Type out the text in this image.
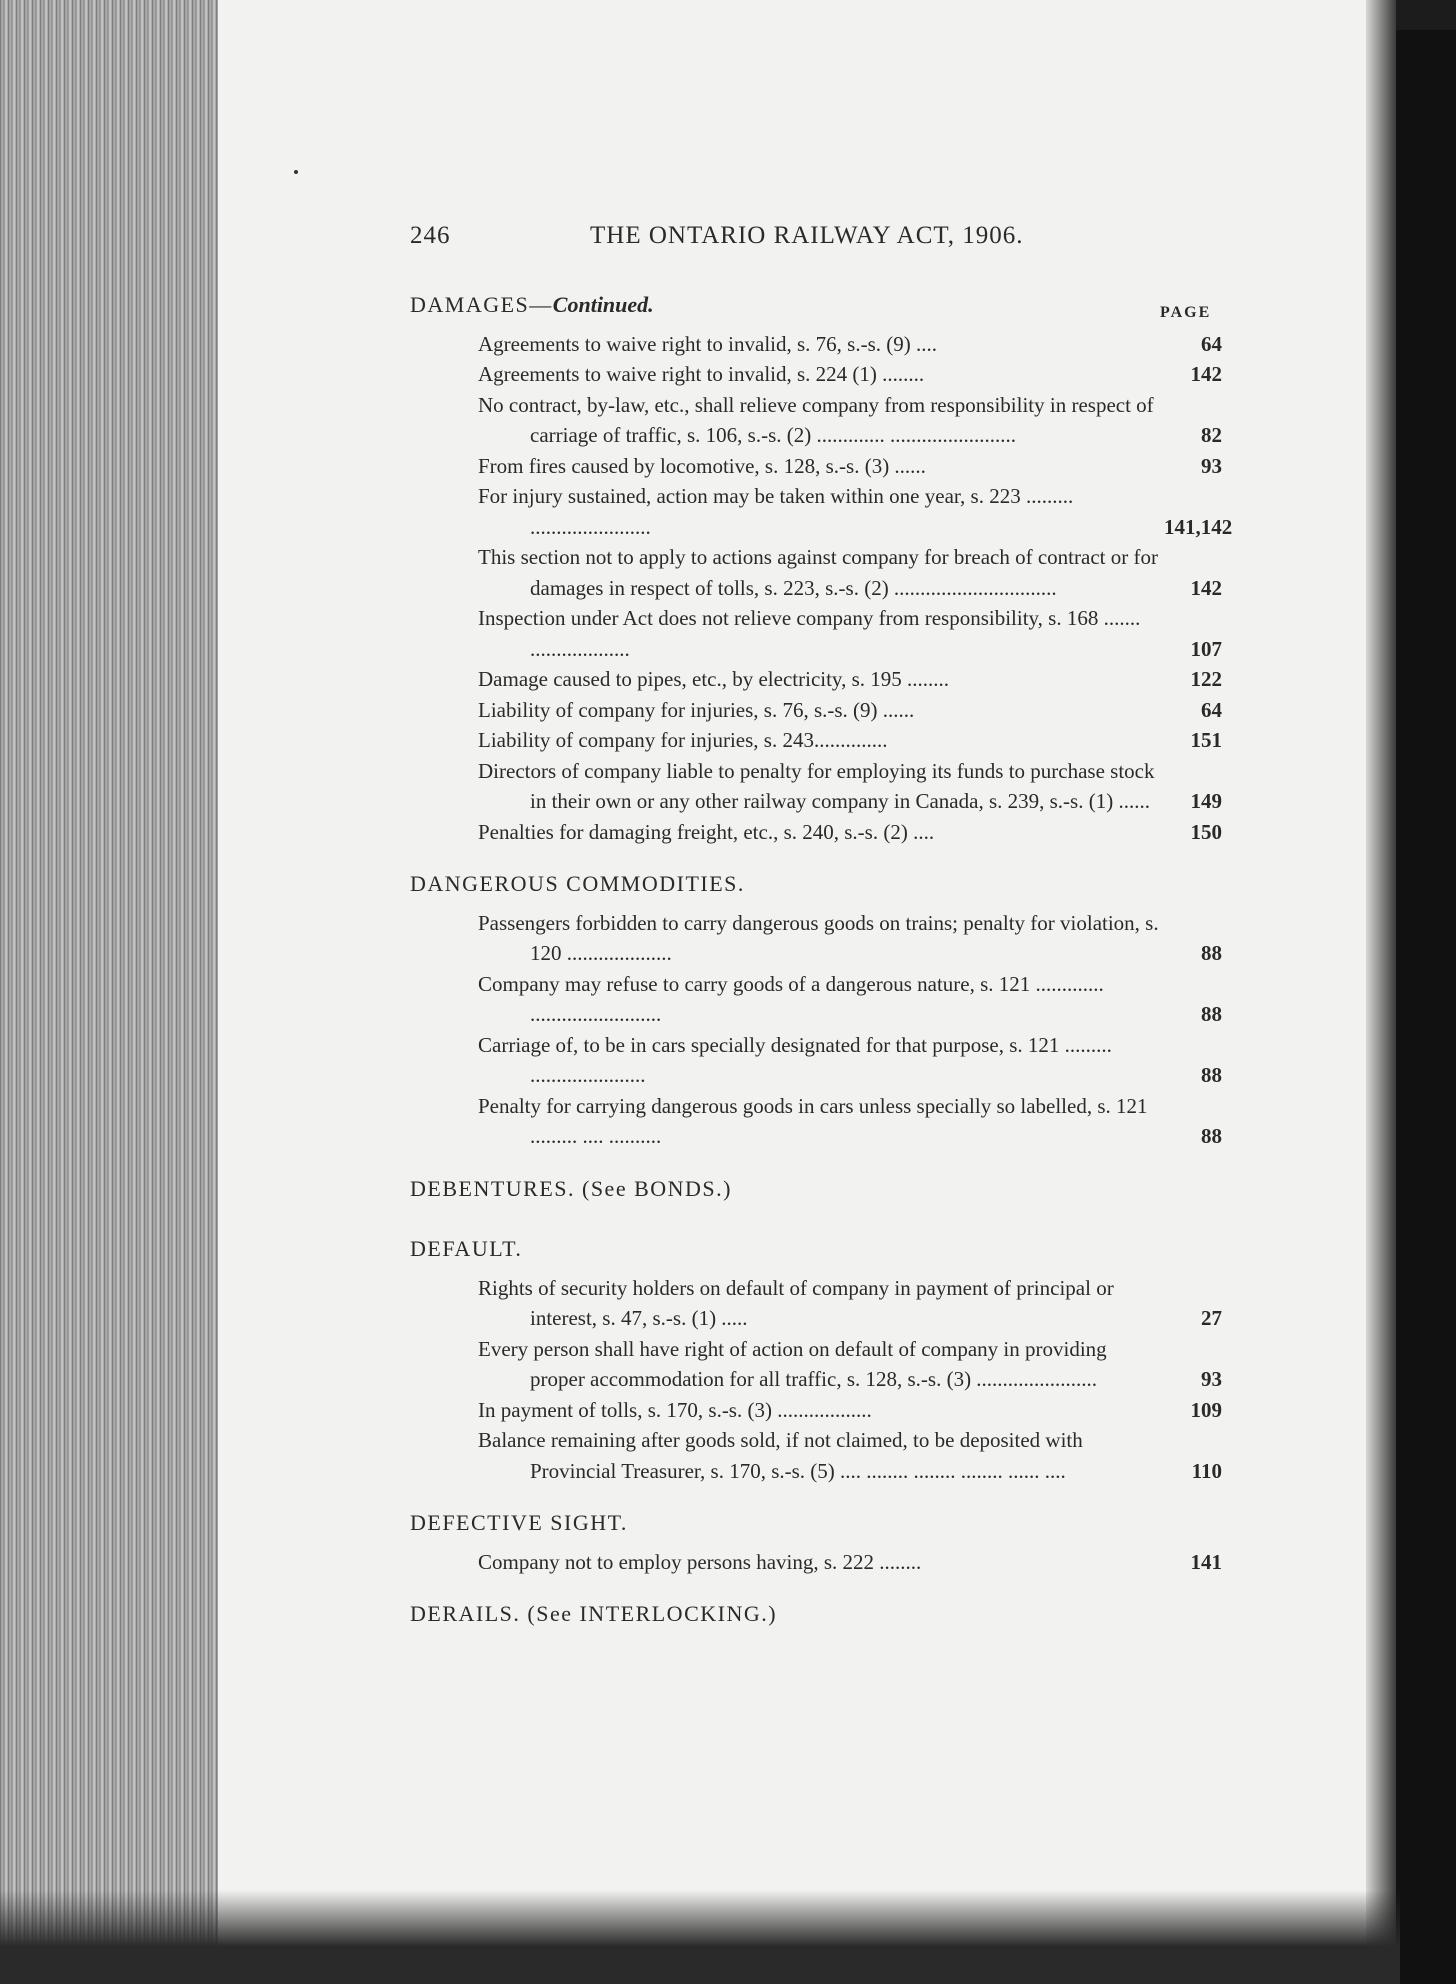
246	THE ONTARIO RAILWAY ACT, 1906.
PAGE

DAMAGES—Continued.

Agreements to waive right to invalid, s. 76, s.-s. (9) ....	64
Agreements to waive right to invalid, s. 224 (1) ........	142
No contract, by-law, etc., shall relieve company from responsibility in respect of carriage of traffic, s. 106, s.-s. (2) ............. ........................	82
From fires caused by locomotive, s. 128, s.-s. (3) ......	93
For injury sustained, action may be taken within one year, s. 223 ......... .......................	141,142
This section not to apply to actions against company for breach of contract or for damages in respect of tolls, s. 223, s.-s. (2) ...............................	142
Inspection under Act does not relieve company from responsibility, s. 168 ....... ...................	107
Damage caused to pipes, etc., by electricity, s. 195 ........	122
Liability of company for injuries, s. 76, s.-s. (9) ......	64
Liability of company for injuries, s. 243..............	151
Directors of company liable to penalty for employing its funds to purchase stock in their own or any other railway company in Canada, s. 239, s.-s. (1) ......	149
Penalties for damaging freight, etc., s. 240, s.-s. (2) ....	150

DANGEROUS COMMODITIES.

Passengers forbidden to carry dangerous goods on trains; penalty for violation, s. 120 ....................	88
Company may refuse to carry goods of a dangerous nature, s. 121 ............. .........................	88
Carriage of, to be in cars specially designated for that purpose, s. 121 ......... ......................	88
Penalty for carrying dangerous goods in cars unless specially so labelled, s. 121 ......... .... ..........	88

DEBENTURES. (See BONDS.)

DEFAULT.

Rights of security holders on default of company in payment of principal or interest, s. 47, s.-s. (1) .....	27
Every person shall have right of action on default of company in providing proper accommodation for all traffic, s. 128, s.-s. (3) .......................	93
In payment of tolls, s. 170, s.-s. (3) ..................	109
Balance remaining after goods sold, if not claimed, to be deposited with Provincial Treasurer, s. 170, s.-s. (5) .... ........ ........ ........ ...... ....	110

DEFECTIVE SIGHT.

Company not to employ persons having, s. 222 ........	141

DERAILS. (See INTERLOCKING.)
